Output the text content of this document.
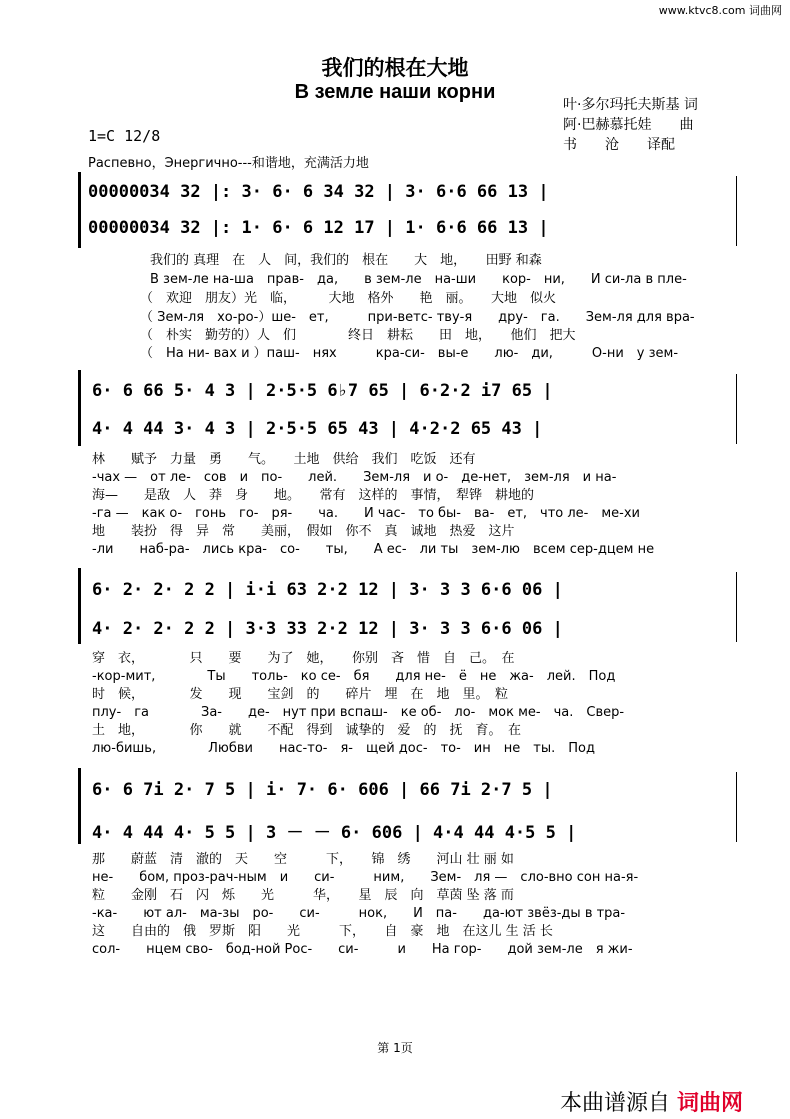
www.ktvc8.com 词曲网
我们的根在大地
В земле наши корни
叶·多尔玛托夫斯基 词
阿·巴赫慕托娃　　曲
书　　沧　　译配
1=C 12/8
Распевно，Энергично---和谐地，充满活力地
00000034 32 |: 3· 6· 6 34 32 | 3· 6·6 66 13 |
00000034 32 |: 1· 6· 6 12 17 | 1· 6·6 66 13 |
我们的 真理　在　人　间，我们的　根在　　大　地，　　田野 和森
В зем-ле на-ша　прав-　да,　　в зем-ле　на-ши　　кор-　ни,　　И си-ла в пле-
（　欢迎　朋友）光　临，　　　大地　格外　　艳　丽。　　大地　似火
（ Зем-ля　хо-ро-）ше-　ет,　　　при-ветс- тву-я　　дру-　га.　　Зем-ля для вра-
（　朴实　勤劳的）人　们　　　　终日　耕耘　　田　地，　　他们　把大
（　На ни- вах и ）паш-　нях　　　кра-си-　вы-е　　лю-　ди,　　　О-ни　у зем-
6· 6 66 5· 4 3 | 2·5·5 6♭7 65 | 6·2·2 i7 65 |
4· 4 44 3· 4 3 | 2·5·5 65 43 | 4·2·2 65 43 |
林　　赋予　力量　勇　　气。　　土地　供给　我们　吃饭　还有
-чах —　от ле-　сов　и　по-　　лей.　　Зем-ля　и о-　де-нет,　зем-ля　и на-
海—　　是敌　人　莽　身　　地。　　常有　这样的　事情，　犁铧　耕地的
-га —　как о-　гонь　го-　ря-　　ча.　　И час-　то бы-　ва-　ет,　что ле-　ме-хи
地　　装扮　得　异　常　　美丽，　假如　你不　真　诚地　热爱　这片
-ли　　наб-ра-　лись кра-　со-　　ты,　　А ес-　ли ты　зем-лю　всем сер-дцем не
6· 2· 2· 2 2 | i·i 63 2·2 12 | 3· 3 3 6·6 06 |
4· 2· 2· 2 2 | 3·3 33 2·2 12 | 3· 3 3 6·6 06 |
穿　衣，　　　　只　　要　　为了　她，　　你别　吝　惜　自　己。　在
-кор-мит,　　　　Ты　　толь-　ко се-　бя　　для не-　ё　не　жа-　лей.　Под
时　候，　　　　发　　现　　宝剑　的　　碎片　埋　在　地　里。　粒
плу-　га　　　　За-　　де-　нут при вспаш-　ке об-　ло-　мок ме-　ча.　Свер-
土　地，　　　　你　　就　　不配　得到　诚挚的　爱　的　抚　育。　在
лю-бишь,　　　　Любви　　нас-то-　я-　щей дос-　то-　ин　не　ты.　Под
6· 6 7i 2· 7 5 | i· 7· 6· 606 | 66 7i 2·7 5 |
4· 4 44 4· 5 5 | 3 － － 6· 606 | 4·4 44 4·5 5 |
那　　蔚蓝　清　澈的　天　　空　　　下，　　锦　绣　　河山 壮 丽 如
не-　　бом, проз-рач-ным　и　　си-　　　ним,　　Зем-　ля —　сло-вно сон на-я-
粒　　金刚　石　闪　烁　　光　　　华，　　星　辰　向　草茵 坠 落 而
-ка-　　ют ал-　ма-зы　ро-　　си-　　　нок,　　И　па-　　да-ют звёз-ды в тра-
这　　自由的　俄　罗斯　阳　　光　　　下，　　自　豪　地　在这儿 生 活 长
сол-　　нцем сво-　бод-ной Рос-　　си-　　　и　　На гор-　　дой зем-ле　я жи-
第 1页
本曲谱源自 词曲网
